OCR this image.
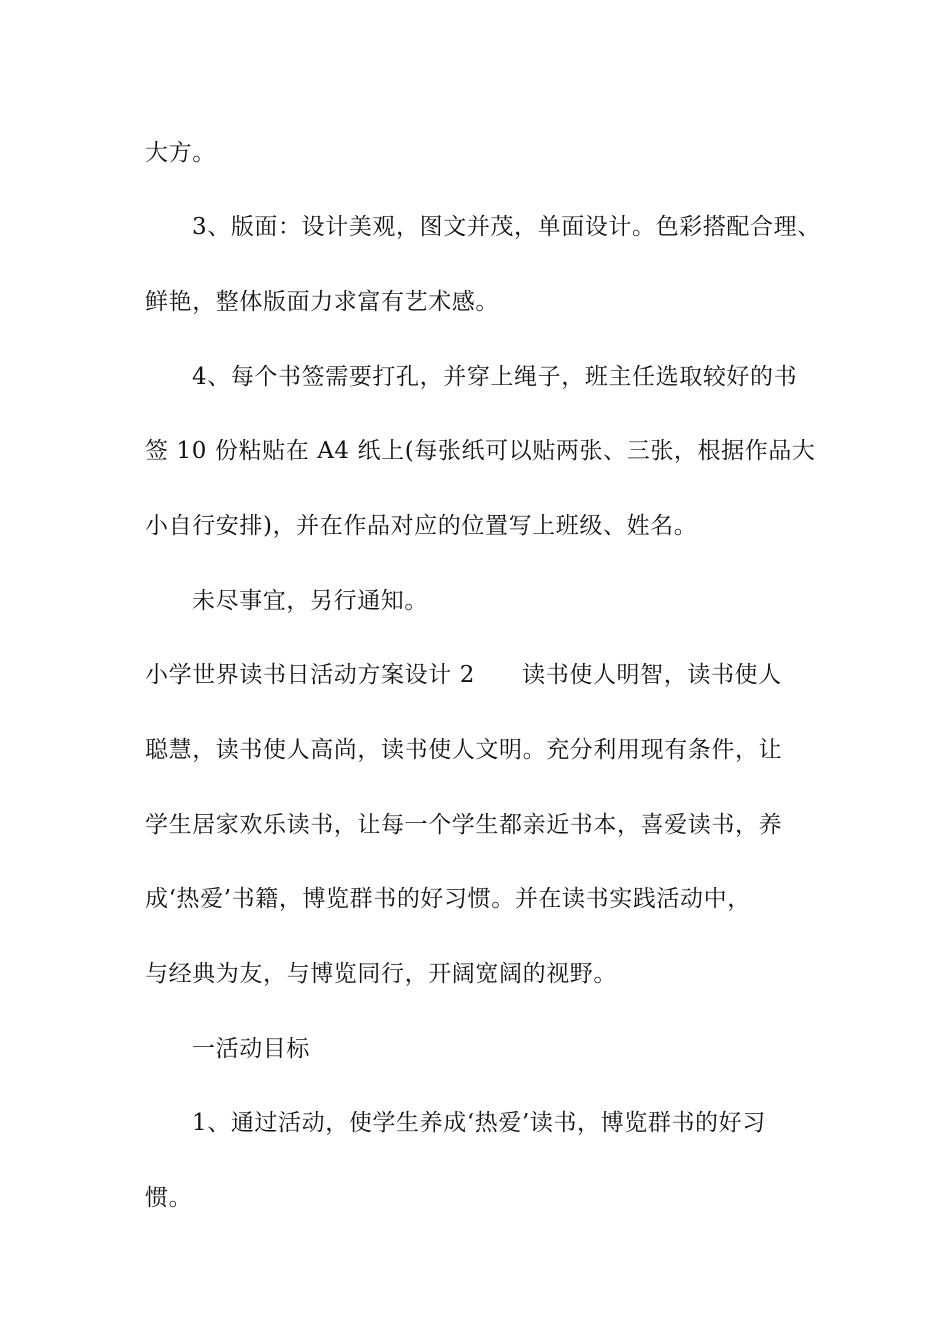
大方。
3、版面：设计美观，图文并茂，单面设计。色彩搭配合理、
鲜艳，整体版面力求富有艺术感。
4、每个书签需要打孔，并穿上绳子，班主任选取较好的书
签 10 份粘贴在 A4 纸上(每张纸可以贴两张、三张，根据作品大
小自行安排)，并在作品对应的位置写上班级、姓名。
未尽事宜，另行通知。
小学世界读书日活动方案设计 2　　读书使人明智，读书使人
聪慧，读书使人高尚，读书使人文明。充分利用现有条件，让
学生居家欢乐读书，让每一个学生都亲近书本，喜爱读书，养
成‘热爱’书籍，博览群书的好习惯。并在读书实践活动中，
与经典为友，与博览同行，开阔宽阔的视野。
一活动目标
1、通过活动，使学生养成‘热爱’读书，博览群书的好习
惯。
